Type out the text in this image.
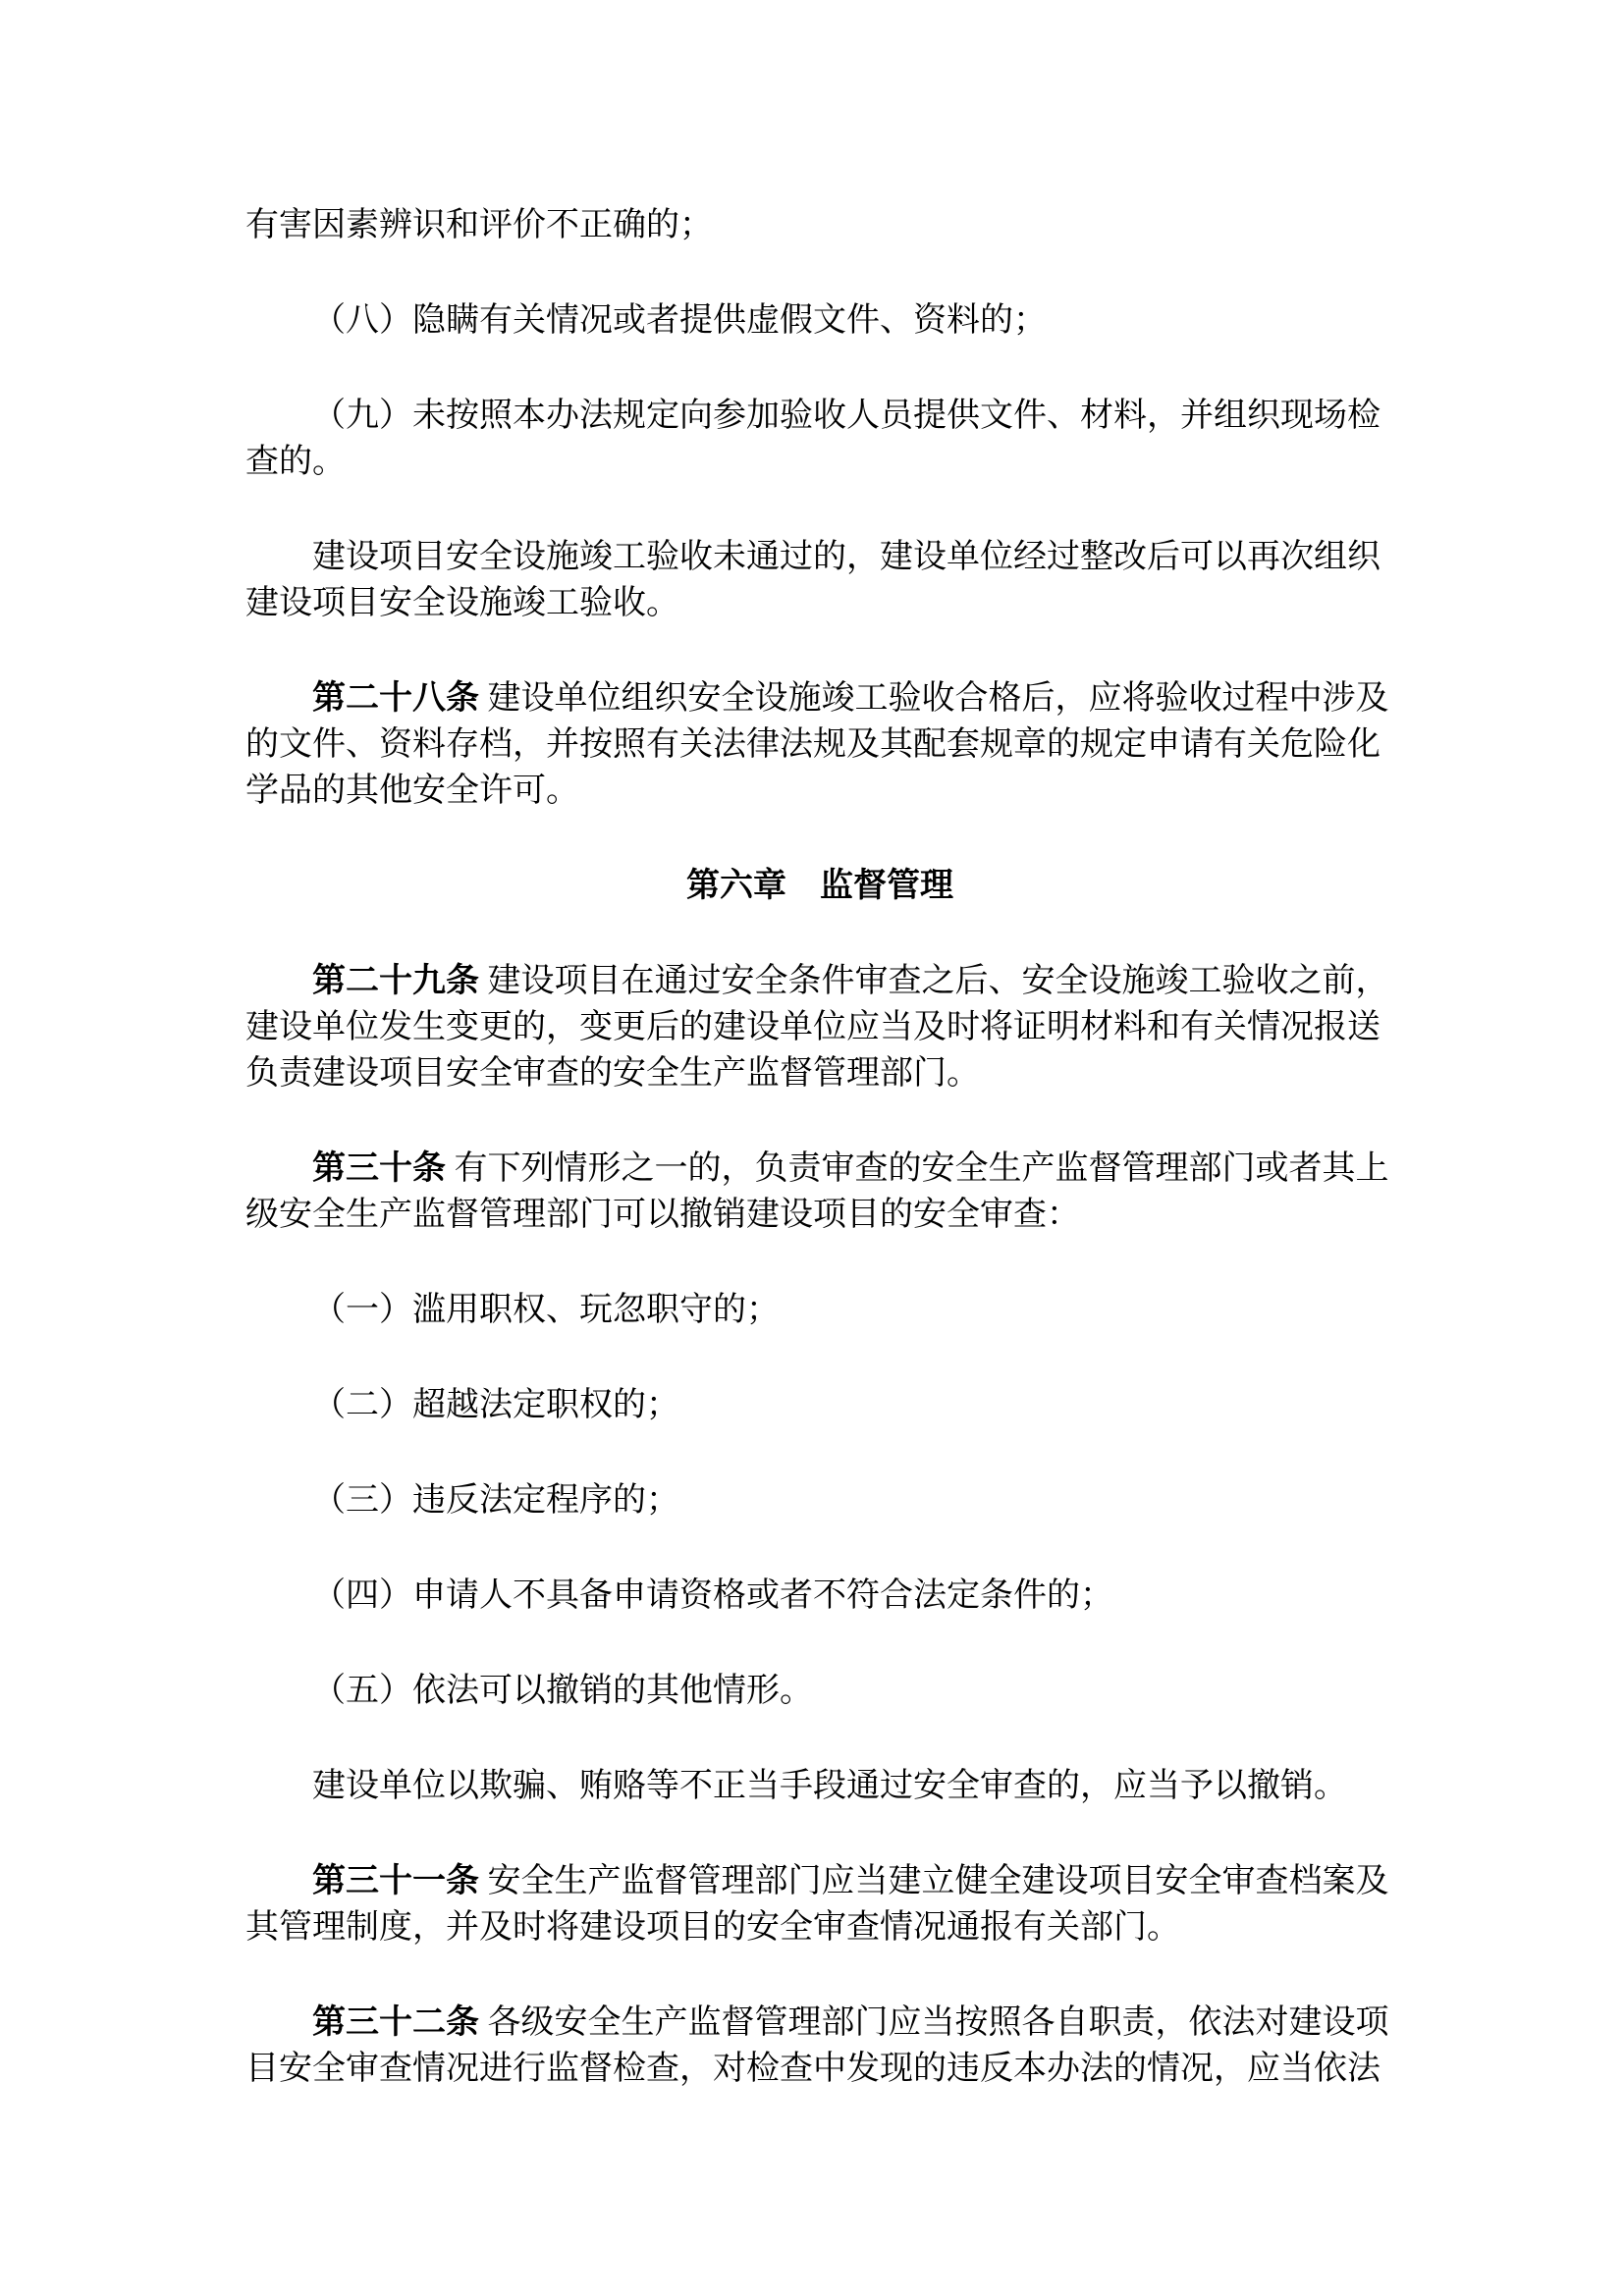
有害因素辨识和评价不正确的；

（八）隐瞒有关情况或者提供虚假文件、资料的；

（九）未按照本办法规定向参加验收人员提供文件、材料，并组织现场检查的。

建设项目安全设施竣工验收未通过的，建设单位经过整改后可以再次组织建设项目安全设施竣工验收。

第二十八条 建设单位组织安全设施竣工验收合格后，应将验收过程中涉及的文件、资料存档，并按照有关法律法规及其配套规章的规定申请有关危险化学品的其他安全许可。

第六章　监督管理

第二十九条 建设项目在通过安全条件审查之后、安全设施竣工验收之前，建设单位发生变更的，变更后的建设单位应当及时将证明材料和有关情况报送负责建设项目安全审查的安全生产监督管理部门。

第三十条 有下列情形之一的，负责审查的安全生产监督管理部门或者其上级安全生产监督管理部门可以撤销建设项目的安全审查：

（一）滥用职权、玩忽职守的；

（二）超越法定职权的；

（三）违反法定程序的；

（四）申请人不具备申请资格或者不符合法定条件的；

（五）依法可以撤销的其他情形。

建设单位以欺骗、贿赂等不正当手段通过安全审查的，应当予以撤销。

第三十一条 安全生产监督管理部门应当建立健全建设项目安全审查档案及其管理制度，并及时将建设项目的安全审查情况通报有关部门。

第三十二条 各级安全生产监督管理部门应当按照各自职责，依法对建设项目安全审查情况进行监督检查，对检查中发现的违反本办法的情况，应当依法
